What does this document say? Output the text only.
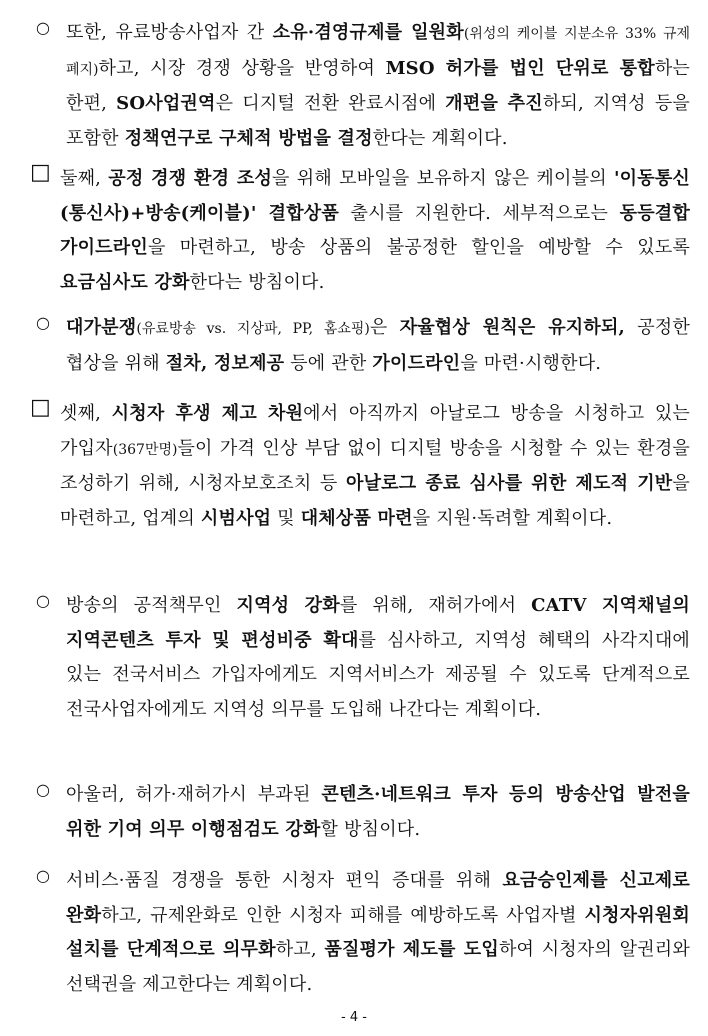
○ 또한, 유료방송사업자 간 소유·겸영규제를 일원화(위성의 케이블 지분소유 33% 규제 폐지)하고, 시장 경쟁 상황을 반영하여 MSO 허가를 법인 단위로 통합하는 한편, SO사업권역은 디지털 전환 완료시점에 개편을 추진하되, 지역성 등을 포함한 정책연구로 구체적 방법을 결정한다는 계획이다.
□ 둘째, 공정 경쟁 환경 조성을 위해 모바일을 보유하지 않은 케이블의 '이동통신(통신사)+방송(케이블)' 결합상품 출시를 지원한다. 세부적으로는 동등결합 가이드라인을 마련하고, 방송 상품의 불공정한 할인을 예방할 수 있도록 요금심사도 강화한다는 방침이다.
○ 대가분쟁(유료방송 vs. 지상파, PP, 홈쇼핑)은 자율협상 원칙은 유지하되, 공정한 협상을 위해 절차, 정보제공 등에 관한 가이드라인을 마련·시행한다.
□ 셋째, 시청자 후생 제고 차원에서 아직까지 아날로그 방송을 시청하고 있는 가입자(367만명)들이 가격 인상 부담 없이 디지털 방송을 시청할 수 있는 환경을 조성하기 위해, 시청자보호조치 등 아날로그 종료 심사를 위한 제도적 기반을 마련하고, 업계의 시범사업 및 대체상품 마련을 지원·독려할 계획이다.
○ 방송의 공적책무인 지역성 강화를 위해, 재허가에서 CATV 지역채널의 지역콘텐츠 투자 및 편성비중 확대를 심사하고, 지역성 혜택의 사각지대에 있는 전국서비스 가입자에게도 지역서비스가 제공될 수 있도록 단계적으로 전국사업자에게도 지역성 의무를 도입해 나간다는 계획이다.
○ 아울러, 허가·재허가시 부과된 콘텐츠·네트워크 투자 등의 방송산업 발전을 위한 기여 의무 이행점검도 강화할 방침이다.
○ 서비스·품질 경쟁을 통한 시청자 편익 증대를 위해 요금승인제를 신고제로 완화하고, 규제완화로 인한 시청자 피해를 예방하도록 사업자별 시청자위원회 설치를 단계적으로 의무화하고, 품질평가 제도를 도입하여 시청자의 알권리와 선택권을 제고한다는 계획이다.
- 4 -
